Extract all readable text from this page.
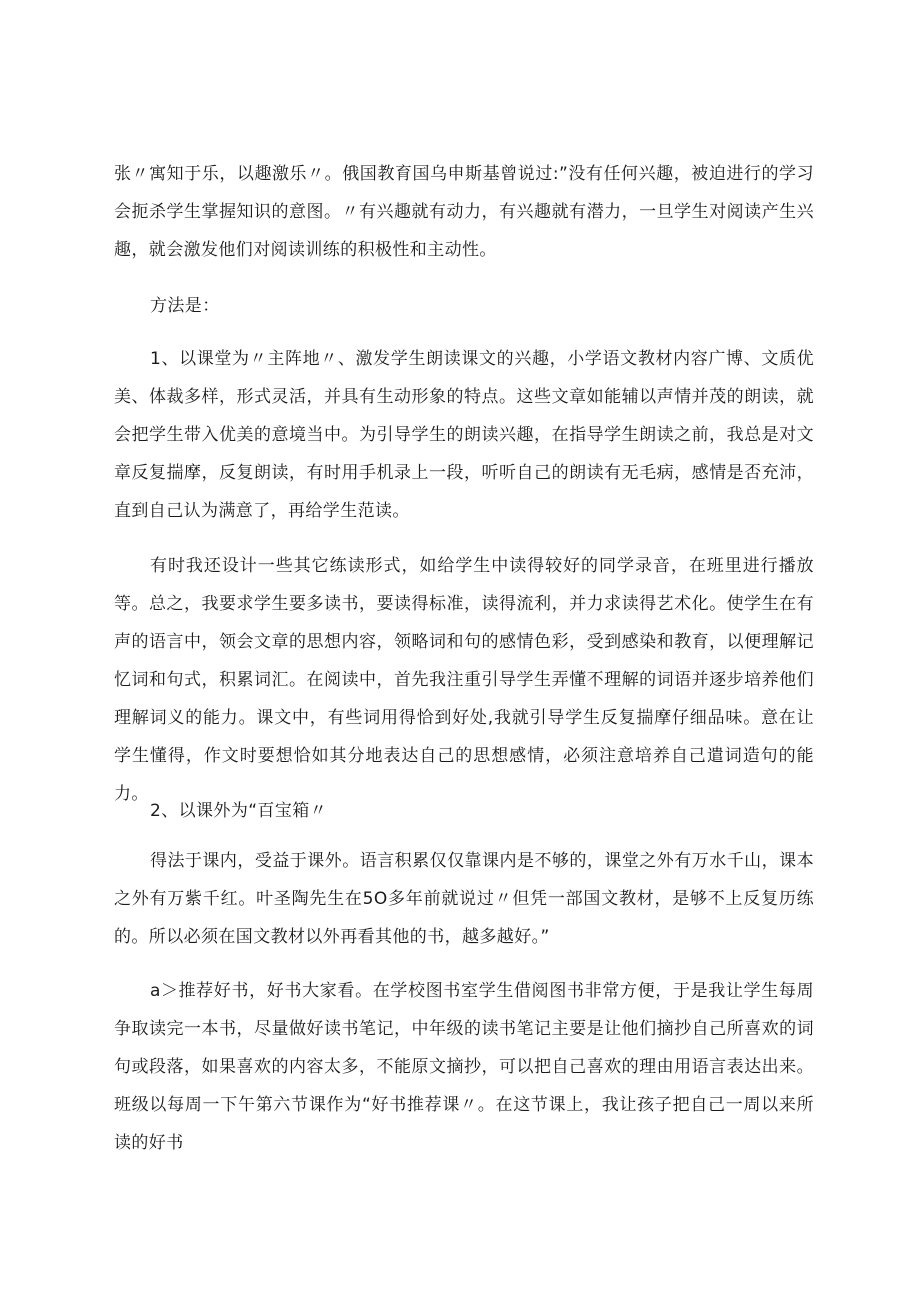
张〃寓知于乐，以趣激乐〃。俄国教育国乌申斯基曾说过:”没有任何兴趣，被迫进行的学习会扼杀学生掌握知识的意图。〃有兴趣就有动力，有兴趣就有潜力，一旦学生对阅读产生兴趣，就会激发他们对阅读训练的积极性和主动性。

方法是：

1、以课堂为〃主阵地〃、激发学生朗读课文的兴趣，小学语文教材内容广博、文质优美、体裁多样，形式灵活，并具有生动形象的特点。这些文章如能辅以声情并茂的朗读，就会把学生带入优美的意境当中。为引导学生的朗读兴趣，在指导学生朗读之前，我总是对文章反复揣摩，反复朗读，有时用手机录上一段，听听自己的朗读有无毛病，感情是否充沛，直到自己认为满意了，再给学生范读。

有时我还设计一些其它练读形式，如给学生中读得较好的同学录音，在班里进行播放等。总之，我要求学生要多读书，要读得标准，读得流利，并力求读得艺术化。使学生在有声的语言中，领会文章的思想内容，领略词和句的感情色彩，受到感染和教育，以便理解记忆词和句式，积累词汇。在阅读中，首先我注重引导学生弄懂不理解的词语并逐步培养他们理解词义的能力。课文中，有些词用得恰到好处,我就引导学生反复揣摩仔细品味。意在让学生懂得，作文时要想恰如其分地表达自己的思想感情，必须注意培养自己遣词造句的能力。

2、以课外为“百宝箱〃

得法于课内，受益于课外。语言积累仅仅靠课内是不够的，课堂之外有万水千山，课本之外有万紫千红。叶圣陶先生在5O多年前就说过〃但凭一部国文教材，是够不上反复历练的。所以必须在国文教材以外再看其他的书，越多越好。”

a＞推荐好书，好书大家看。在学校图书室学生借阅图书非常方便，于是我让学生每周争取读完一本书，尽量做好读书笔记，中年级的读书笔记主要是让他们摘抄自己所喜欢的词句或段落，如果喜欢的内容太多，不能原文摘抄，可以把自己喜欢的理由用语言表达出来。班级以每周一下午第六节课作为“好书推荐课〃。在这节课上，我让孩子把自己一周以来所读的好书
